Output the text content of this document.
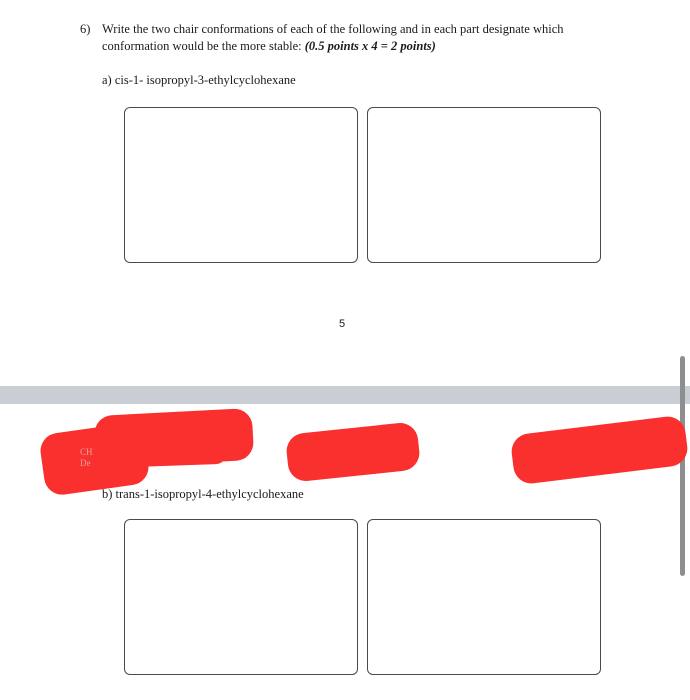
6) Write the two chair conformations of each of the following and in each part designate which
conformation would be the more stable: (0.5 points x 4 = 2 points)
a) cis-1- isopropyl-3-ethylcyclohexane
5
CH
De
b) trans-1-isopropyl-4-ethylcyclohexane
